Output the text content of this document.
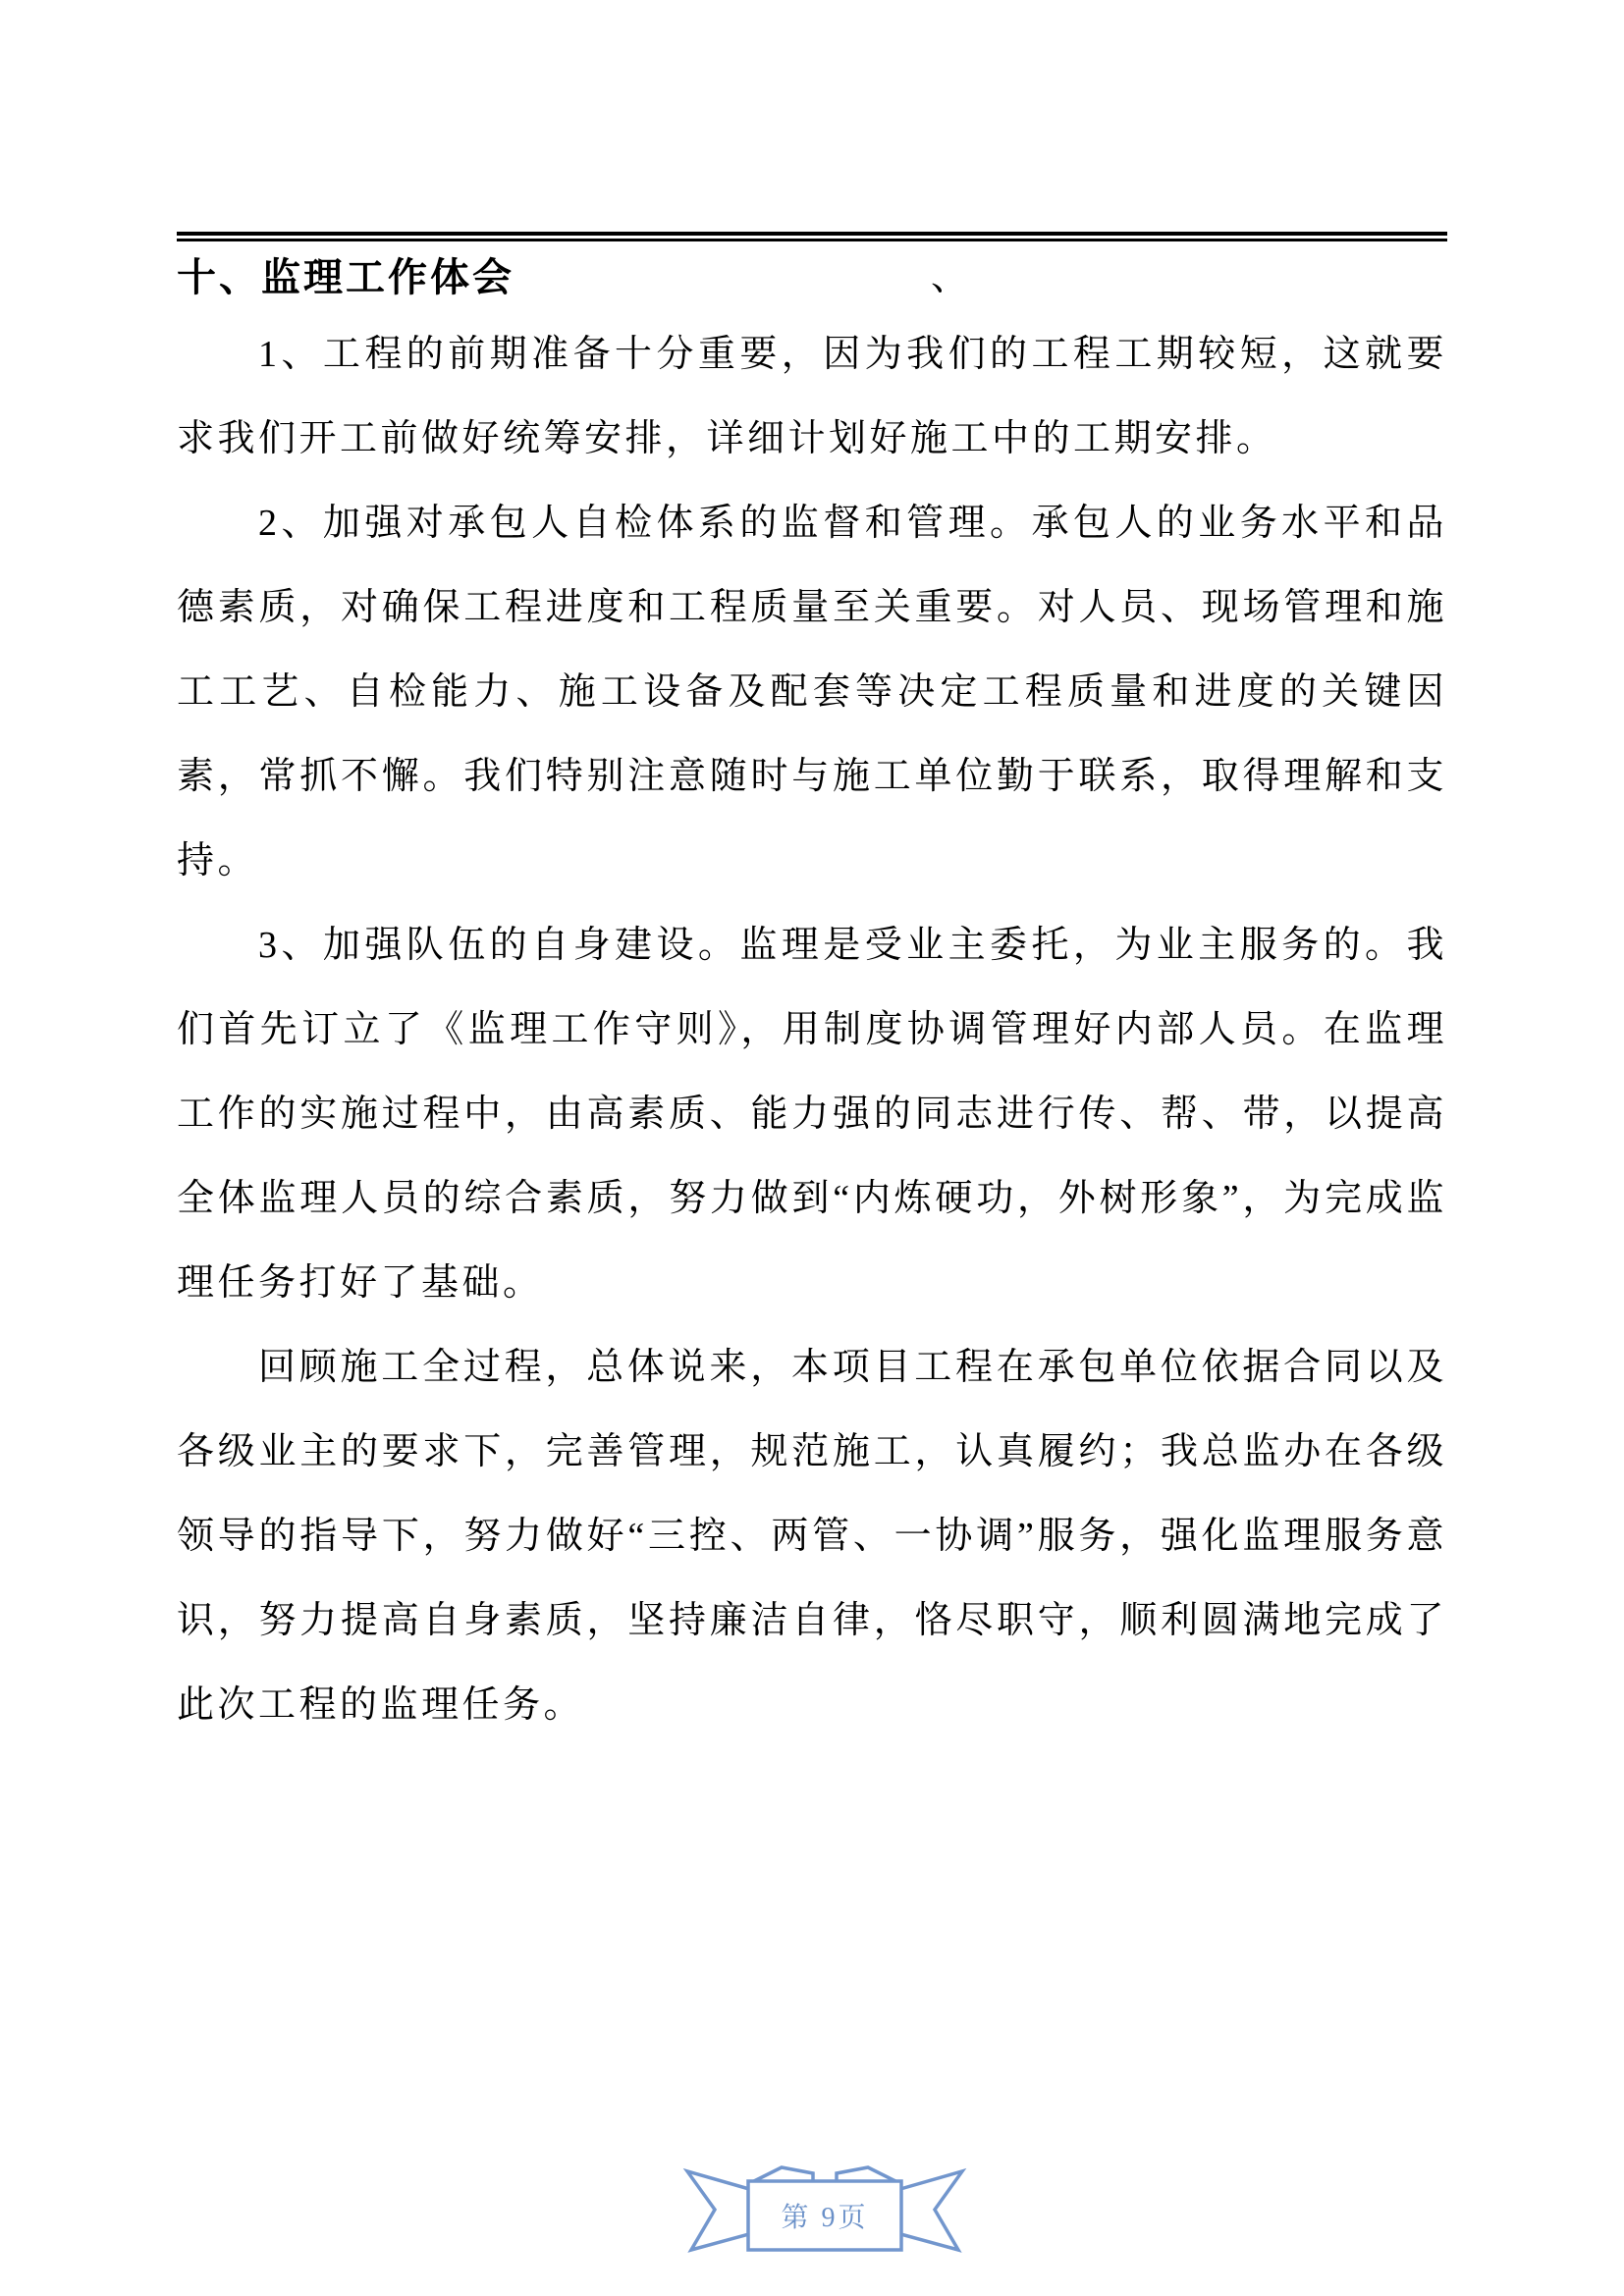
十、监理工作体会	、

1、工程的前期准备十分重要，因为我们的工程工期较短，这就要求我们开工前做好统筹安排，详细计划好施工中的工期安排。

2、加强对承包人自检体系的监督和管理。承包人的业务水平和品德素质，对确保工程进度和工程质量至关重要。对人员、现场管理和施工工艺、自检能力、施工设备及配套等决定工程质量和进度的关键因素，常抓不懈。我们特别注意随时与施工单位勤于联系，取得理解和支持。

3、加强队伍的自身建设。监理是受业主委托，为业主服务的。我们首先订立了《监理工作守则》，用制度协调管理好内部人员。在监理工作的实施过程中，由高素质、能力强的同志进行传、帮、带，以提高全体监理人员的综合素质，努力做到“内炼硬功，外树形象”，为完成监理任务打好了基础。

回顾施工全过程，总体说来，本项目工程在承包单位依据合同以及各级业主的要求下，完善管理，规范施工，认真履约；我总监办在各级领导的指导下，努力做好“三控、两管、一协调”服务，强化监理服务意识，努力提高自身素质，坚持廉洁自律，恪尽职守，顺利圆满地完成了此次工程的监理任务。

第 9页
